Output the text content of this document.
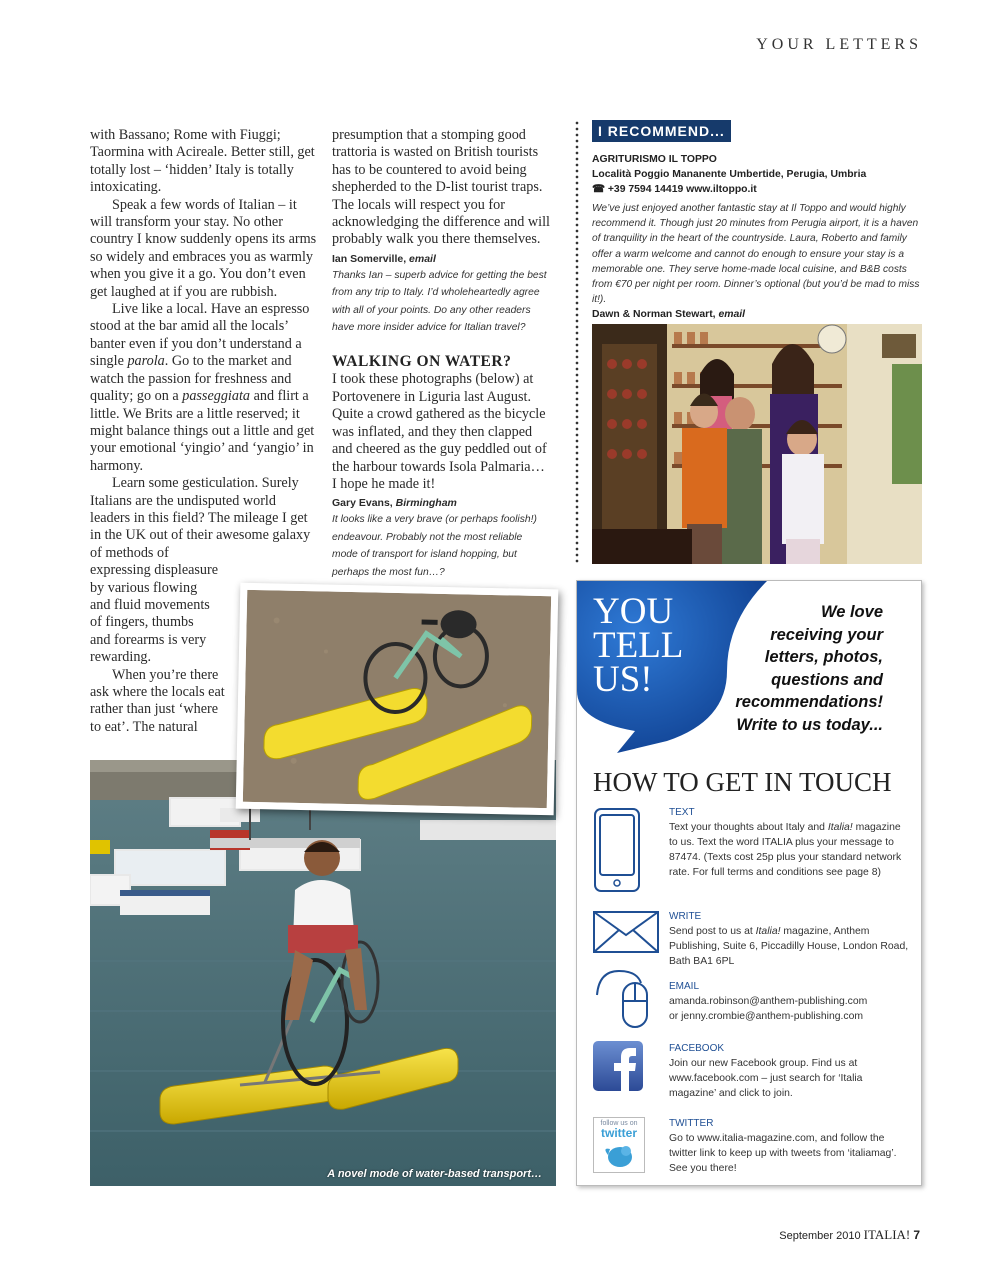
YOUR LETTERS

with Bassano; Rome with Fiuggi; Taormina with Acireale. Better still, get totally lost – ‘hidden’ Italy is totally intoxicating.

Speak a few words of Italian – it will transform your stay. No other country I know suddenly opens its arms so widely and embraces you as warmly when you give it a go. You don’t even get laughed at if you are rubbish.

Live like a local. Have an espresso stood at the bar amid all the locals’ banter even if you don’t understand a single parola. Go to the market and watch the passion for freshness and quality; go on a passeggiata and flirt a little. We Brits are a little reserved; it might balance things out a little and get your emotional ‘yingio’ and ‘yangio’ in harmony.

Learn some gesticulation. Surely Italians are the undisputed world leaders in this field? The mileage I get in the UK out of their awesome galaxy of methods of

expressing displeasure

by various flowing

and fluid movements

of fingers, thumbs

and forearms is very

rewarding.

When you’re there

ask where the locals eat

rather than just ‘where

to eat’. The natural

presumption that a stomping good trattoria is wasted on British tourists has to be countered to avoid being shepherded to the D-list tourist traps. The locals will respect you for acknowledging the difference and will probably walk you there themselves.

Ian Somerville, email
Thanks Ian – superb advice for getting the best from any trip to Italy. I’d wholeheartedly agree with all of your points. Do any other readers have more insider advice for Italian travel?
WALKING ON WATER?

I took these photographs (below) at Portovenere in Liguria last August. Quite a crowd gathered as the bicycle was inflated, and they then clapped and cheered as the guy peddled out of the harbour towards Isola Palmaria… I hope he made it!

Gary Evans, Birmingham
It looks like a very brave (or perhaps foolish!) endeavour. Probably not the most reliable mode of transport for island hopping, but perhaps the most fun…?
I RECOMMEND...
AGRITURISMO IL TOPPO
Località Poggio Mananente Umbertide, Perugia, Umbria
☎ +39 7594 14419 www.iltoppo.it
We’ve just enjoyed another fantastic stay at Il Toppo and would highly recommend it. Though just 20 minutes from Perugia airport, it is a haven of tranquility in the heart of the countryside. Laura, Roberto and family offer a warm welcome and cannot do enough to ensure your stay is a memorable one. They serve home-made local cuisine, and B&B costs from €70 per night per room. Dinner’s optional (but you’d be mad to miss it!).
Dawn & Norman Stewart, email
A novel mode of water-based transport…
YOU
TELL
US!
We love
receiving your
letters, photos,
questions and
recommendations!
Write to us today...
HOW TO GET IN TOUCH
TEXT
Text your thoughts about Italy and Italia! magazine to us. Text the word ITALIA plus your message to 87474. (Texts cost 25p plus your standard network rate. For full terms and conditions see page 8)
WRITE
Send post to us at Italia! magazine, Anthem Publishing, Suite 6, Piccadilly House, London Road, Bath BA1 6PL
EMAIL
amanda.robinson@anthem-publishing.com
or jenny.crombie@anthem-publishing.com
FACEBOOK
Join our new Facebook group. Find us at www.facebook.com – just search for ‘Italia magazine’ and click to join.
follow us on
twitter
TWITTER
Go to www.italia-magazine.com, and follow the twitter link to keep up with tweets from ‘italiamag’. See you there!
September 2010 ITALIA! 7
